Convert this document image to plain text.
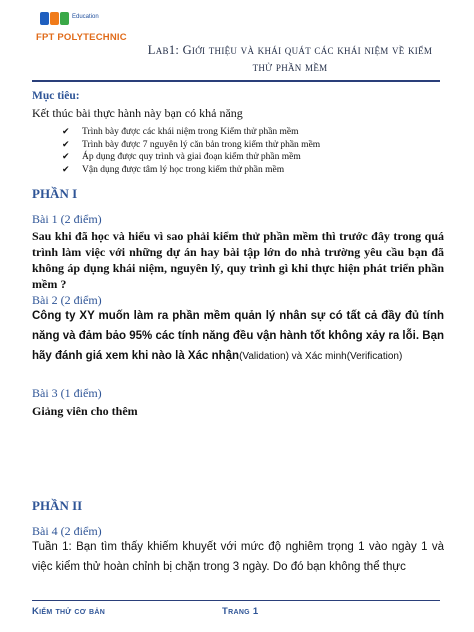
Education
FPT POLYTECHNIC
Lab1: Giới thiệu và khái quát các khái niệm về kiểm
thử phần mềm
Mục tiêu:
Kết thúc bài thực hành này bạn có khả năng
✔ Trình bày được các khái niệm trong Kiểm thử phần mềm
✔ Trình bày được 7 nguyên lý căn bản trong kiểm thử phần mềm
✔ Áp dụng được quy trình và giai đoạn kiểm thử phần mềm
✔ Vận dụng được tâm lý học trong kiểm thử phần mềm
PHẦN I
Bài 1 (2 điểm)
Sau khi đã học và hiểu vì sao phải kiểm thử phần mềm thì trước đây trong quá trình làm việc với những dự án hay bài tập lớn do nhà trường yêu cầu bạn đã không áp dụng khái niệm, nguyên lý, quy trình gì khi thực hiện phát triển phần mềm ?
Bài 2 (2 điểm)
Công ty XY muốn làm ra phần mềm quản lý nhân sự có tất cả đầy đủ tính năng và đảm bảo 95% các tính năng đều vận hành tốt không xảy ra lỗi. Bạn hãy đánh giá xem khi nào là Xác nhận(Validation) và Xác minh(Verification)
Bài 3 (1 điểm)
Giảng viên cho thêm
PHẦN II
Bài 4 (2 điểm)
Tuần 1: Bạn tìm thấy khiếm khuyết với mức độ nghiêm trọng 1 vào ngày 1 và việc kiểm thử hoàn chỉnh bị chặn trong 3 ngày. Do đó bạn không thể thực
Kiểm thử cơ bản	Trang 1
